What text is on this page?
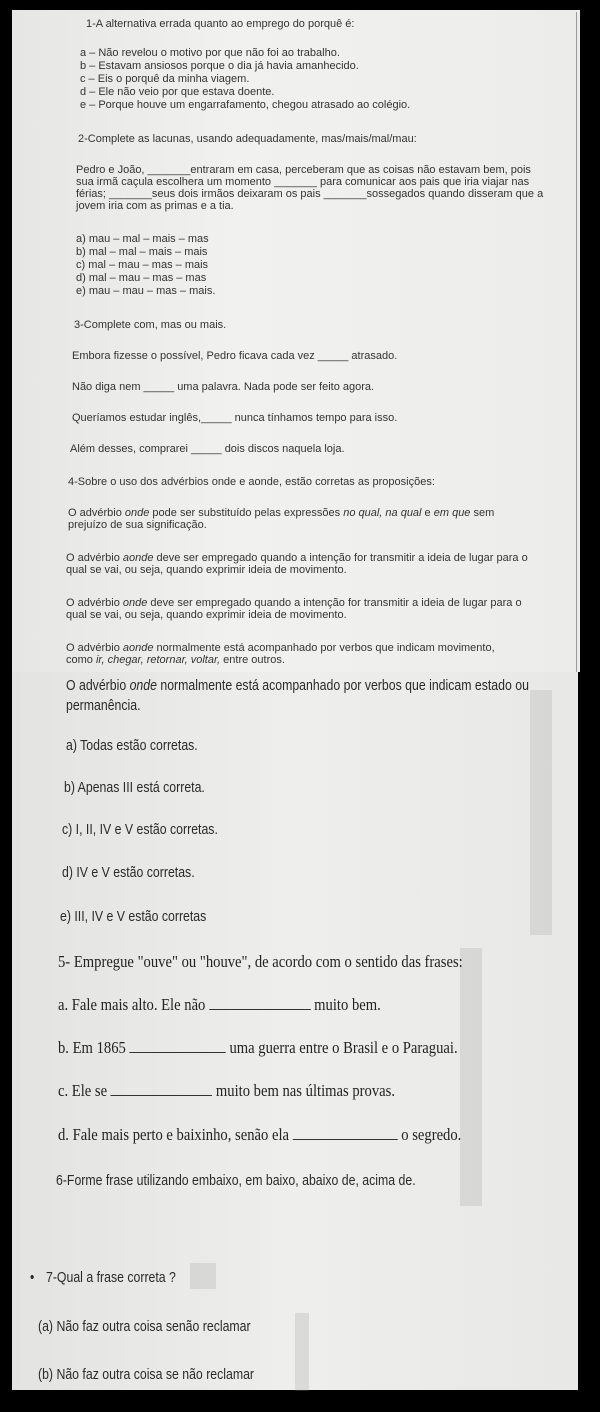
1-A alternativa errada quanto ao emprego do porquê é:
a – Não revelou o motivo por que não foi ao trabalho.
b – Estavam ansiosos porque o dia já havia amanhecido.
c – Eis o porquê da minha viagem.
d – Ele não veio por que estava doente.
e – Porque houve um engarrafamento, chegou atrasado ao colégio.
2-Complete as lacunas, usando adequadamente, mas/mais/mal/mau:
Pedro e João, _______entraram em casa, perceberam que as coisas não estavam bem, pois
sua irmã caçula escolhera um momento _______ para comunicar aos pais que iria viajar nas
férias; _______seus dois irmãos deixaram os pais _______sossegados quando disseram que a
jovem iria com as primas e a tia.
a) mau – mal – mais – mas
b) mal – mal – mais – mais
c) mal – mau – mas – mais
d) mal – mau – mas – mas
e) mau – mau – mas – mais.
3-Complete com, mas ou mais.
Embora fizesse o possível, Pedro ficava cada vez _____ atrasado.
Não diga nem _____ uma palavra. Nada pode ser feito agora.
Queríamos estudar inglês,_____ nunca tínhamos tempo para isso.
Além desses, comprarei _____ dois discos naquela loja.
4-Sobre o uso dos advérbios onde e aonde, estão corretas as proposições:
O advérbio onde pode ser substituído pelas expressões no qual, na qual e em que sem
prejuízo de sua significação.
O advérbio aonde deve ser empregado quando a intenção for transmitir a ideia de lugar para o
qual se vai, ou seja, quando exprimir ideia de movimento.
O advérbio onde deve ser empregado quando a intenção for transmitir a ideia de lugar para o
qual se vai, ou seja, quando exprimir ideia de movimento.
O advérbio aonde normalmente está acompanhado por verbos que indicam movimento,
como ir, chegar, retornar, voltar, entre outros.
O advérbio onde normalmente está acompanhado por verbos que indicam estado ou
permanência.
a) Todas estão corretas.
b) Apenas III está correta.
c) I, II, IV e V estão corretas.
d) IV e V estão corretas.
e) III, IV e V estão corretas
5- Empregue "ouve" ou "houve", de acordo com o sentido das frases:
a. Fale mais alto. Ele não	muito bem.
b. Em 1865	uma guerra entre o Brasil e o Paraguai.
c. Ele se	muito bem nas últimas provas.
d. Fale mais perto e baixinho, senão ela	o segredo.
6-Forme frase utilizando embaixo, em baixo, abaixo de, acima de.
• 7-Qual a frase correta ?
(a) Não faz outra coisa senão reclamar
(b) Não faz outra coisa se não reclamar
